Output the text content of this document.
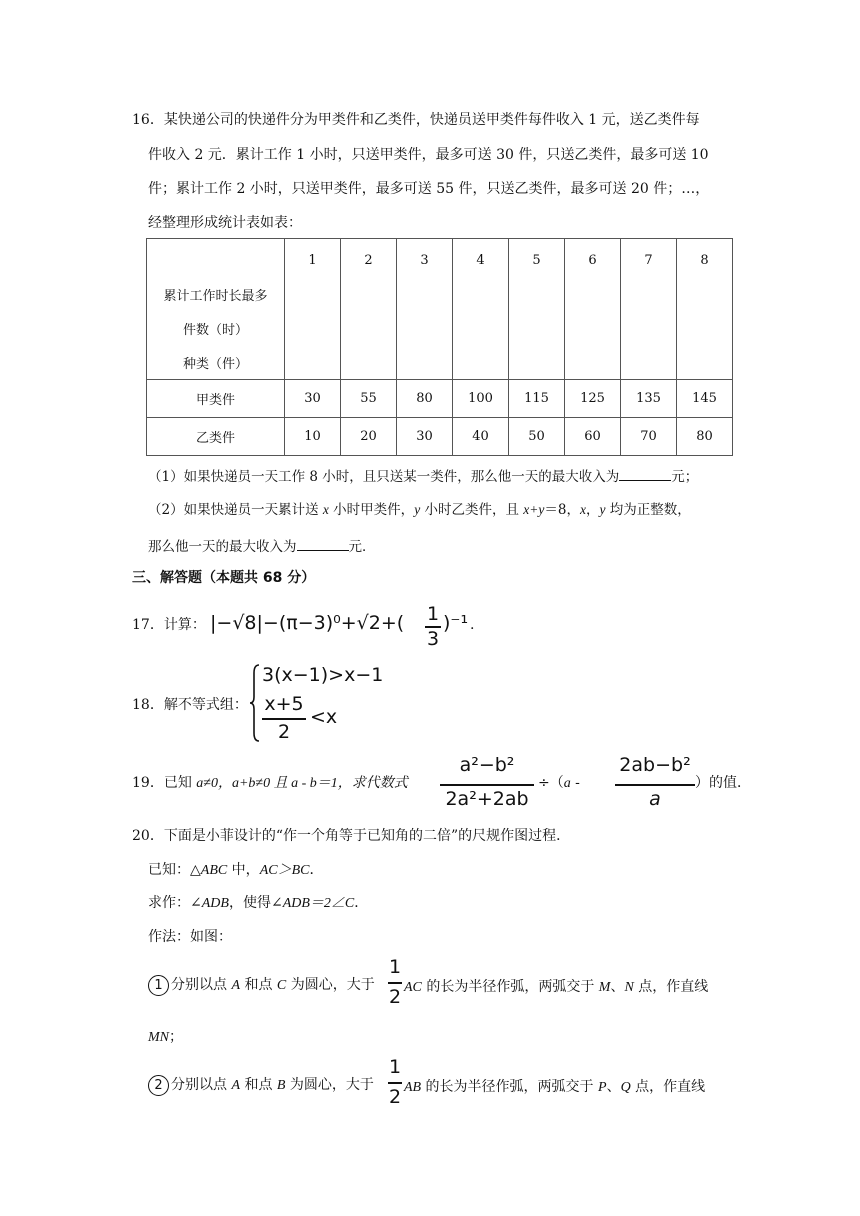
16．某快递公司的快递件分为甲类件和乙类件，快递员送甲类件每件收入 1 元，送乙类件每
件收入 2 元．累计工作 1 小时，只送甲类件，最多可送 30 件，只送乙类件，最多可送 10
件；累计工作 2 小时，只送甲类件，最多可送 55 件，只送乙类件，最多可送 20 件；…，
经整理形成统计表如表：
累计工作时长最多
件数（时）
种类（件）	1	2	3	4	5	6	7	8
甲类件	30	55	80	100	115	125	135	145
乙类件	10	20	30	40	50	60	70	80
（1）如果快递员一天工作 8 小时，且只送某一类件，那么他一天的最大收入为	元；
（2）如果快递员一天累计送 x 小时甲类件，y 小时乙类件，且 x+y＝8，x，y 均为正整数，
那么他一天的最大收入为	元．
三、解答题（本题共 68 分）
17．计算： |−√8|−(π−3)⁰+√2+( 1
3
)⁻¹ .
18．解不等式组：
3(x−1)>x−1
x+5
2
<x
19．已知 a≠0，a+b≠0 且 a - b＝1，求代数式
a²−b²
2a²+2ab
÷（a -
2ab−b²
a
）的值．
20．下面是小菲设计的“作一个角等于已知角的二倍”的尺规作图过程．
已知：△ABC 中，AC＞BC．
求作：∠ADB，使得∠ADB＝2∠C．
作法：如图：
1 分别以点 A 和点 C 为圆心，大于
1
2 AC 的长为半径作弧，两弧交于 M、N 点，作直线
MN；
2 分别以点 A 和点 B 为圆心，大于
1
2 AB 的长为半径作弧，两弧交于 P、Q 点，作直线
